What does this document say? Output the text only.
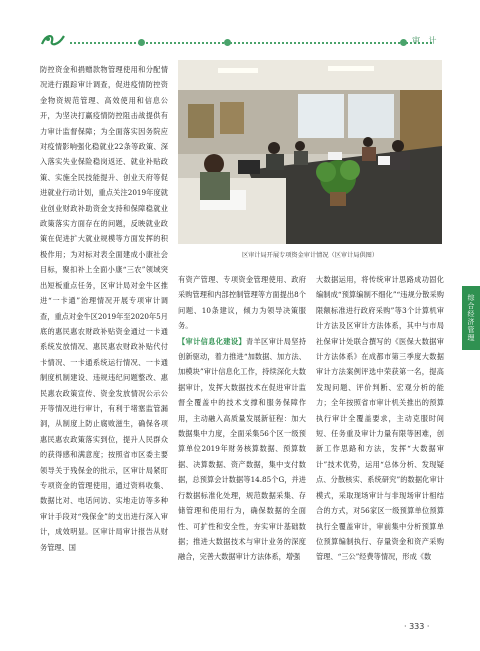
审 计
综合经济管理

防控资金和捐赠款物管理使用和分配情况进行跟踪审计调查，促进疫情防控资金物资规范管理、高效使用和信息公开，为坚决打赢疫情防控阻击战提供有力审计监督保障；为全面落实因务院应对疫情影响强化稳就业22条等政策、深入落实失业保险稳岗返还、就业补贴政策、实施全民技能提升、创业天府等促进就业行动计划，重点关注2019年度就业创业财政补助资金支持和保障稳就业政策落实方面存在的问题，反映就业政策在促进扩大就业规模等方面发挥的积极作用；为对标对表全面建成小康社会目标，聚扣补上全面小康“三农”领域突出短板重点任务，区审计局对金牛区推进“一卡通”治理情况开展专项审计调查，重点对金牛区2019年至2020年5月底的惠民惠农财政补贴资金通过一卡通系统发放情况、惠民惠农财政补贴代付卡情况、一卡通系统运行情况、一卡通制度机制建设、违规违纪问题整改、惠民惠农政策宣传、资金发放情况公示公开等情况进行审计，有利于堵塞监管漏洞，从制度上防止腐败滋生，确保各项惠民惠农政策落实到位，提升人民群众的获得感和满意度；按照省市区委主要领导关于残保金的批示，区审计局紧盯专项资金的管理使用，通过资料收集、数据比对、电话问访、实地走访等多种审计手段对“残保金”的支出进行深入审计，成效明显。区审计局审计报告从财务管理、国

区审计局开展专项资金审计情况（区审计局供图）

有资产管理、专项资金管理使用、政府采购管理和内部控制管理等方面提出8个问题、10条建议，倾力为领导决策服务。

【审计信息化建设】青羊区审计局坚持创新驱动，着力推进“加数据、加方法、加模块”审计信息化工作，持续深化大数据审计，发挥大数据技术在促进审计监督全覆盖中的技术支撑和服务保障作用，主动融入高质量发展新征程：加大数据集中力度，全面采集56个区一级预算单位2019年财务核算数据、预算数据、决算数据、资产数据，集中支付数据，总预算会计数据等14.85个G，并进行数据标准化处理，规范数据采集、存储管理和使用行为，确保数据的全面性、可扩性和安全性，夯实审计基础数据；推进大数据技术与审计业务的深度融合，完善大数据审计方法体系，增强

大数据运用，将传统审计思路成功固化编制成“预算编制不细化”“违规分散采购限额标准进行政府采购”等3个计算机审计方法及区审计方法体系，其中与市局社保审计处联合撰写的《医保大数据审计方法体系》在成都市第三季度大数据审计方法案例评选中荣获第一名，提高发现问题、评价判断、宏观分析的能力；全年按照省市审计机关推出的预算执行审计全覆盖要求，主动克服时间短、任务重及审计力量有限等困难，创新工作思路和方法，发挥“大数据审计”技术优势，运用“总体分析、发现疑点、分散核实、系统研究”的数据化审计模式，采取现场审计与非现场审计相结合的方式，对56家区一级预算单位预算执行全覆盖审计，审前集中分析预算单位预算编制执行、存量资金和资产采购管理、“三公”经费等情况，形成《数

· 333 ·
